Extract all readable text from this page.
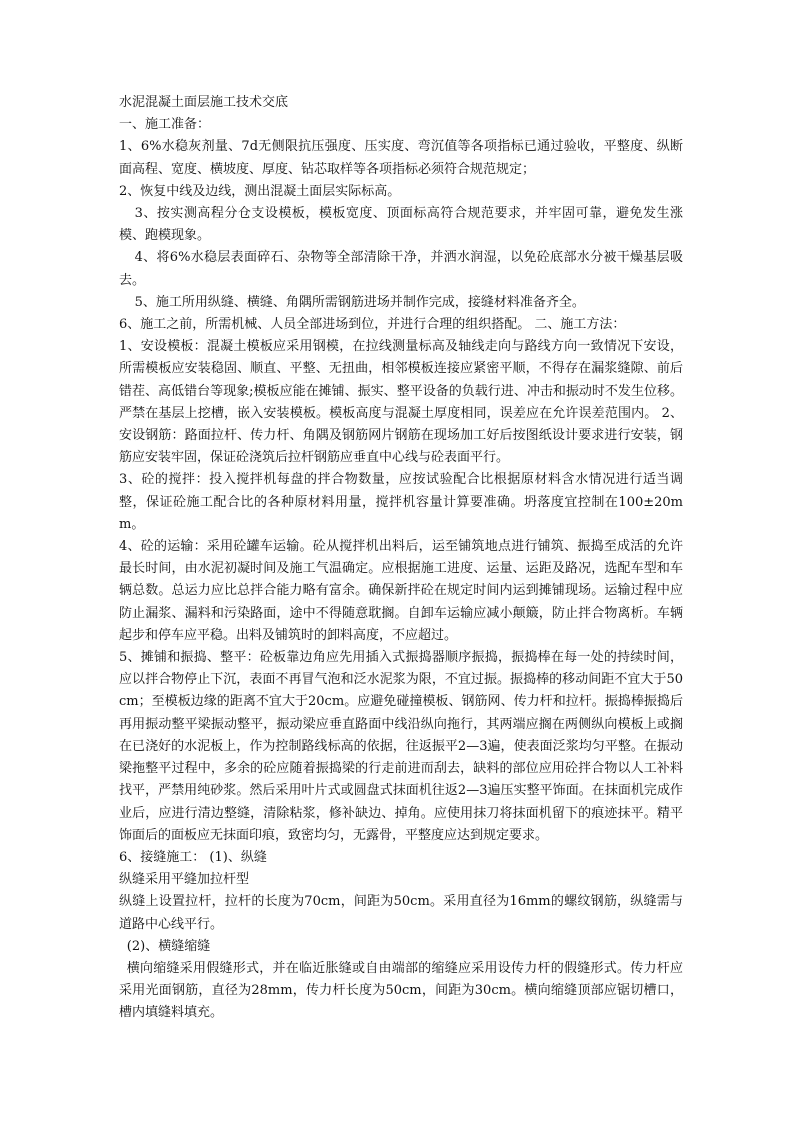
水泥混凝土面层施工技术交底

一、施工准备：

1、6%水稳灰剂量、7d无侧限抗压强度、压实度、弯沉值等各项指标已通过验收，平整度、纵断面高程、宽度、横坡度、厚度、钻芯取样等各项指标必须符合规范规定；

2、恢复中线及边线，测出混凝土面层实际标高。

3、按实测高程分仓支设模板，模板宽度、顶面标高符合规范要求，并牢固可靠，避免发生涨模、跑模现象。

4、将6%水稳层表面碎石、杂物等全部清除干净，并洒水润湿，以免砼底部水分被干燥基层吸去。

5、施工所用纵缝、横缝、角隅所需钢筋进场并制作完成，接缝材料准备齐全。

6、施工之前，所需机械、人员全部进场到位，并进行合理的组织搭配。 二、施工方法：

1、安设模板：混凝土模板应采用钢模，在拉线测量标高及轴线走向与路线方向一致情况下安设，所需模板应安装稳固、顺直、平整、无扭曲，相邻模板连接应紧密平顺，不得存在漏浆缝隙、前后错茬、高低错台等现象;模板应能在摊铺、振实、整平设备的负载行进、冲击和振动时不发生位移。严禁在基层上挖槽，嵌入安装模板。模板高度与混凝土厚度相同，误差应在允许误差范围内。 2、安设钢筋：路面拉杆、传力杆、角隅及钢筋网片钢筋在现场加工好后按图纸设计要求进行安装，钢筋应安装牢固，保证砼浇筑后拉杆钢筋应垂直中心线与砼表面平行。

3、砼的搅拌：投入搅拌机每盘的拌合物数量，应按试验配合比根据原材料含水情况进行适当调整，保证砼施工配合比的各种原材料用量，搅拌机容量计算要准确。坍落度宜控制在100±20mm。

4、砼的运输：采用砼罐车运输。砼从搅拌机出料后，运至铺筑地点进行铺筑、振捣至成活的允许最长时间，由水泥初凝时间及施工气温确定。应根据施工进度、运量、运距及路况，选配车型和车辆总数。总运力应比总拌合能力略有富余。确保新拌砼在规定时间内运到摊铺现场。运输过程中应防止漏浆、漏料和污染路面，途中不得随意耽搁。自卸车运输应减小颠簸，防止拌合物离析。车辆起步和停车应平稳。出料及铺筑时的卸料高度，不应超过。

5、摊铺和振捣、整平：砼板靠边角应先用插入式振捣器顺序振捣，振捣棒在每一处的持续时间，应以拌合物停止下沉，表面不再冒气泡和泛水泥浆为限，不宜过振。振捣棒的移动间距不宜大于50cm；至模板边缘的距离不宜大于20cm。应避免碰撞模板、钢筋网、传力杆和拉杆。振捣棒振捣后再用振动整平梁振动整平，振动梁应垂直路面中线沿纵向拖行，其两端应搁在两侧纵向模板上或搁在已浇好的水泥板上，作为控制路线标高的依据，往返振平2—3遍，使表面泛浆均匀平整。在振动梁拖整平过程中，多余的砼应随着振捣梁的行走前进而刮去，缺料的部位应用砼拌合物以人工补料找平，严禁用纯砂浆。然后采用叶片式或圆盘式抹面机往返2—3遍压实整平饰面。在抹面机完成作业后，应进行清边整缝，清除粘浆，修补缺边、掉角。应使用抹刀将抹面机留下的痕迹抹平。精平饰面后的面板应无抹面印痕，致密均匀，无露骨，平整度应达到规定要求。

6、接缝施工： (1)、纵缝

纵缝采用平缝加拉杆型

纵缝上设置拉杆，拉杆的长度为70cm，间距为50cm。采用直径为16mm的螺纹钢筋，纵缝需与道路中心线平行。

(2)、横缝缩缝

横向缩缝采用假缝形式，并在临近胀缝或自由端部的缩缝应采用设传力杆的假缝形式。传力杆应采用光面钢筋，直径为28mm，传力杆长度为50cm，间距为30cm。横向缩缝顶部应锯切槽口，槽内填缝料填充。
